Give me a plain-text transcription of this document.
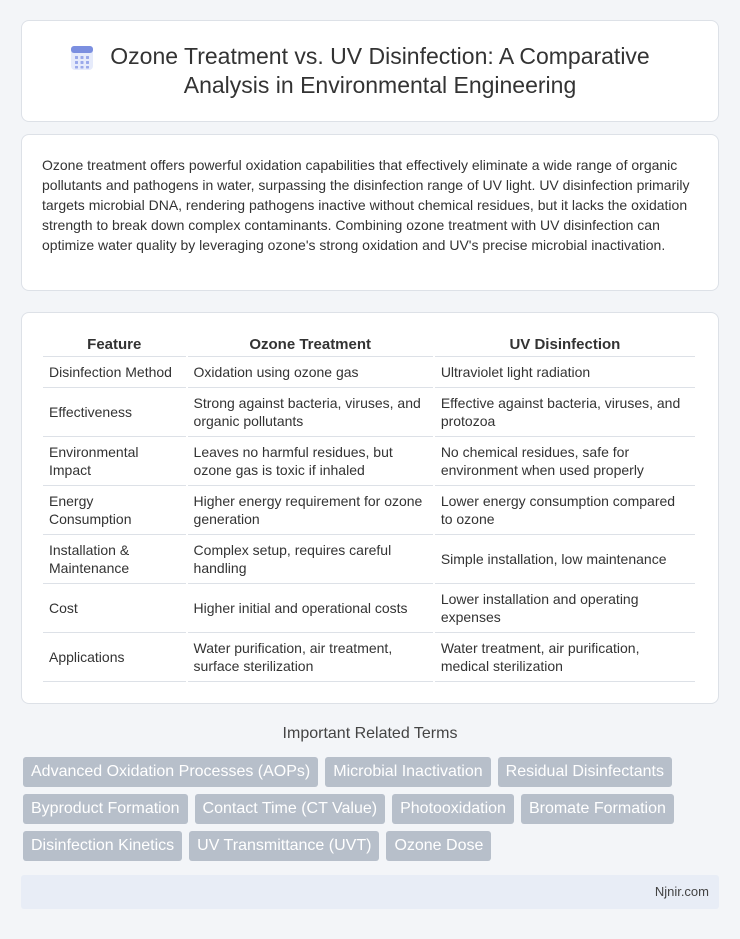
Ozone Treatment vs. UV Disinfection: A Comparative Analysis in Environmental Engineering

Ozone treatment offers powerful oxidation capabilities that effectively eliminate a wide range of organic pollutants and pathogens in water, surpassing the disinfection range of UV light. UV disinfection primarily targets microbial DNA, rendering pathogens inactive without chemical residues, but it lacks the oxidation strength to break down complex contaminants. Combining ozone treatment with UV disinfection can optimize water quality by leveraging ozone's strong oxidation and UV's precise microbial inactivation.

Feature	Ozone Treatment	UV Disinfection
Disinfection Method	Oxidation using ozone gas	Ultraviolet light radiation
Effectiveness	Strong against bacteria, viruses, and organic pollutants	Effective against bacteria, viruses, and protozoa
Environmental Impact	Leaves no harmful residues, but ozone gas is toxic if inhaled	No chemical residues, safe for environment when used properly
Energy Consumption	Higher energy requirement for ozone generation	Lower energy consumption compared to ozone
Installation & Maintenance	Complex setup, requires careful handling	Simple installation, low maintenance
Cost	Higher initial and operational costs	Lower installation and operating expenses
Applications	Water purification, air treatment, surface sterilization	Water treatment, air purification, medical sterilization
Important Related Terms
Advanced Oxidation Processes (AOPs)	Microbial Inactivation	Residual Disinfectants
Byproduct Formation	Contact Time (CT Value)	Photooxidation	Bromate Formation
Disinfection Kinetics	UV Transmittance (UVT)	Ozone Dose
Njnir.com
